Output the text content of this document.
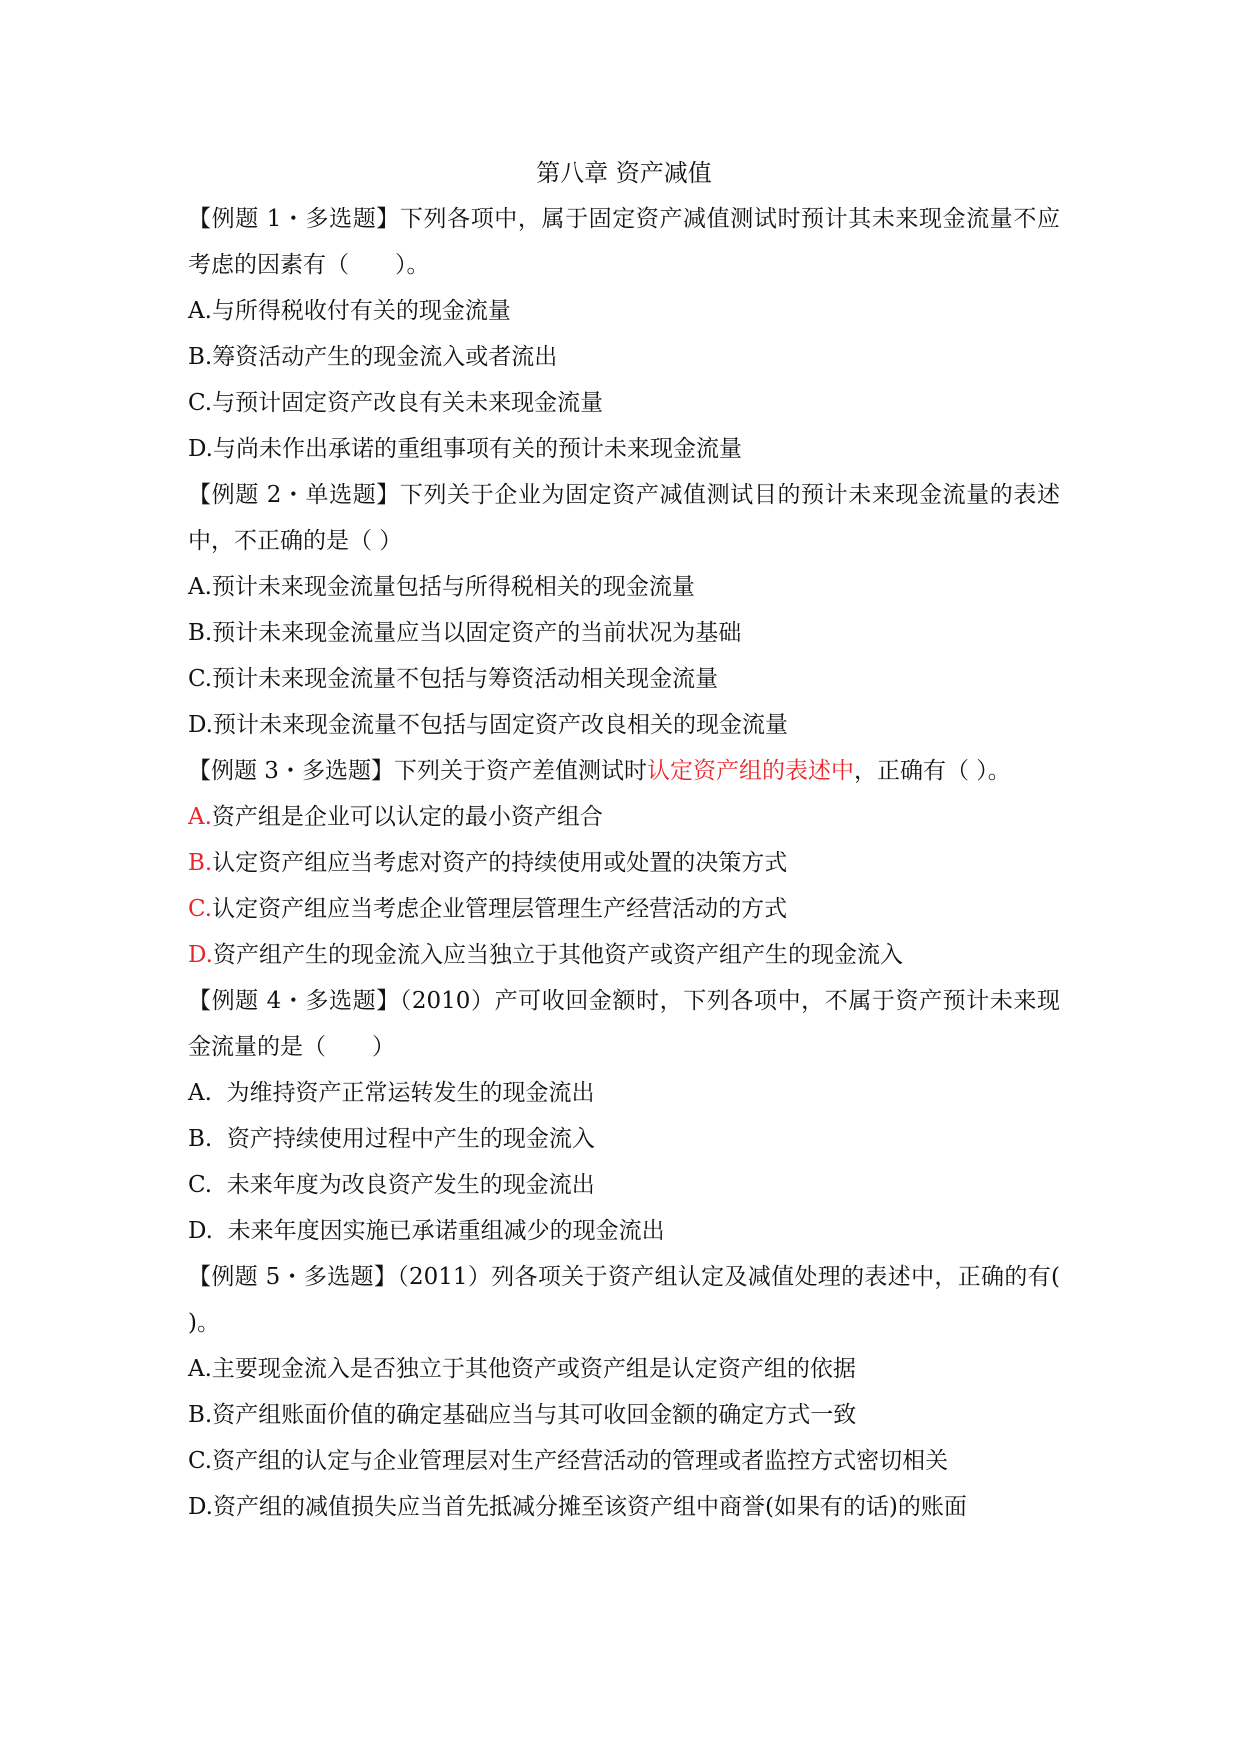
第八章 资产减值

【例题 1・多选题】下列各项中，属于固定资产减值测试时预计其未来现金流量不应考虑的因素有（　　）。

A.与所得税收付有关的现金流量

B.筹资活动产生的现金流入或者流出

C.与预计固定资产改良有关未来现金流量

D.与尚未作出承诺的重组事项有关的预计未来现金流量

【例题 2・单选题】下列关于企业为固定资产减值测试目的预计未来现金流量的表述中，不正确的是（ ）

A.预计未来现金流量包括与所得税相关的现金流量

B.预计未来现金流量应当以固定资产的当前状况为基础

C.预计未来现金流量不包括与筹资活动相关现金流量

D.预计未来现金流量不包括与固定资产改良相关的现金流量

【例题 3・多选题】下列关于资产差值测试时认定资产组的表述中，正确有（ ）。

A.资产组是企业可以认定的最小资产组合

B.认定资产组应当考虑对资产的持续使用或处置的决策方式

C.认定资产组应当考虑企业管理层管理生产经营活动的方式

D.资产组产生的现金流入应当独立于其他资产或资产组产生的现金流入

【例题 4・多选题】（2010）产可收回金额时，下列各项中，不属于资产预计未来现金流量的是（　　）

A. 为维持资产正常运转发生的现金流出

B. 资产持续使用过程中产生的现金流入

C. 未来年度为改良资产发生的现金流出

D. 未来年度因实施已承诺重组减少的现金流出

【例题 5・多选题】（2011）列各项关于资产组认定及减值处理的表述中，正确的有( )。

A.主要现金流入是否独立于其他资产或资产组是认定资产组的依据

B.资产组账面价值的确定基础应当与其可收回金额的确定方式一致

C.资产组的认定与企业管理层对生产经营活动的管理或者监控方式密切相关

D.资产组的减值损失应当首先抵减分摊至该资产组中商誉(如果有的话)的账面
